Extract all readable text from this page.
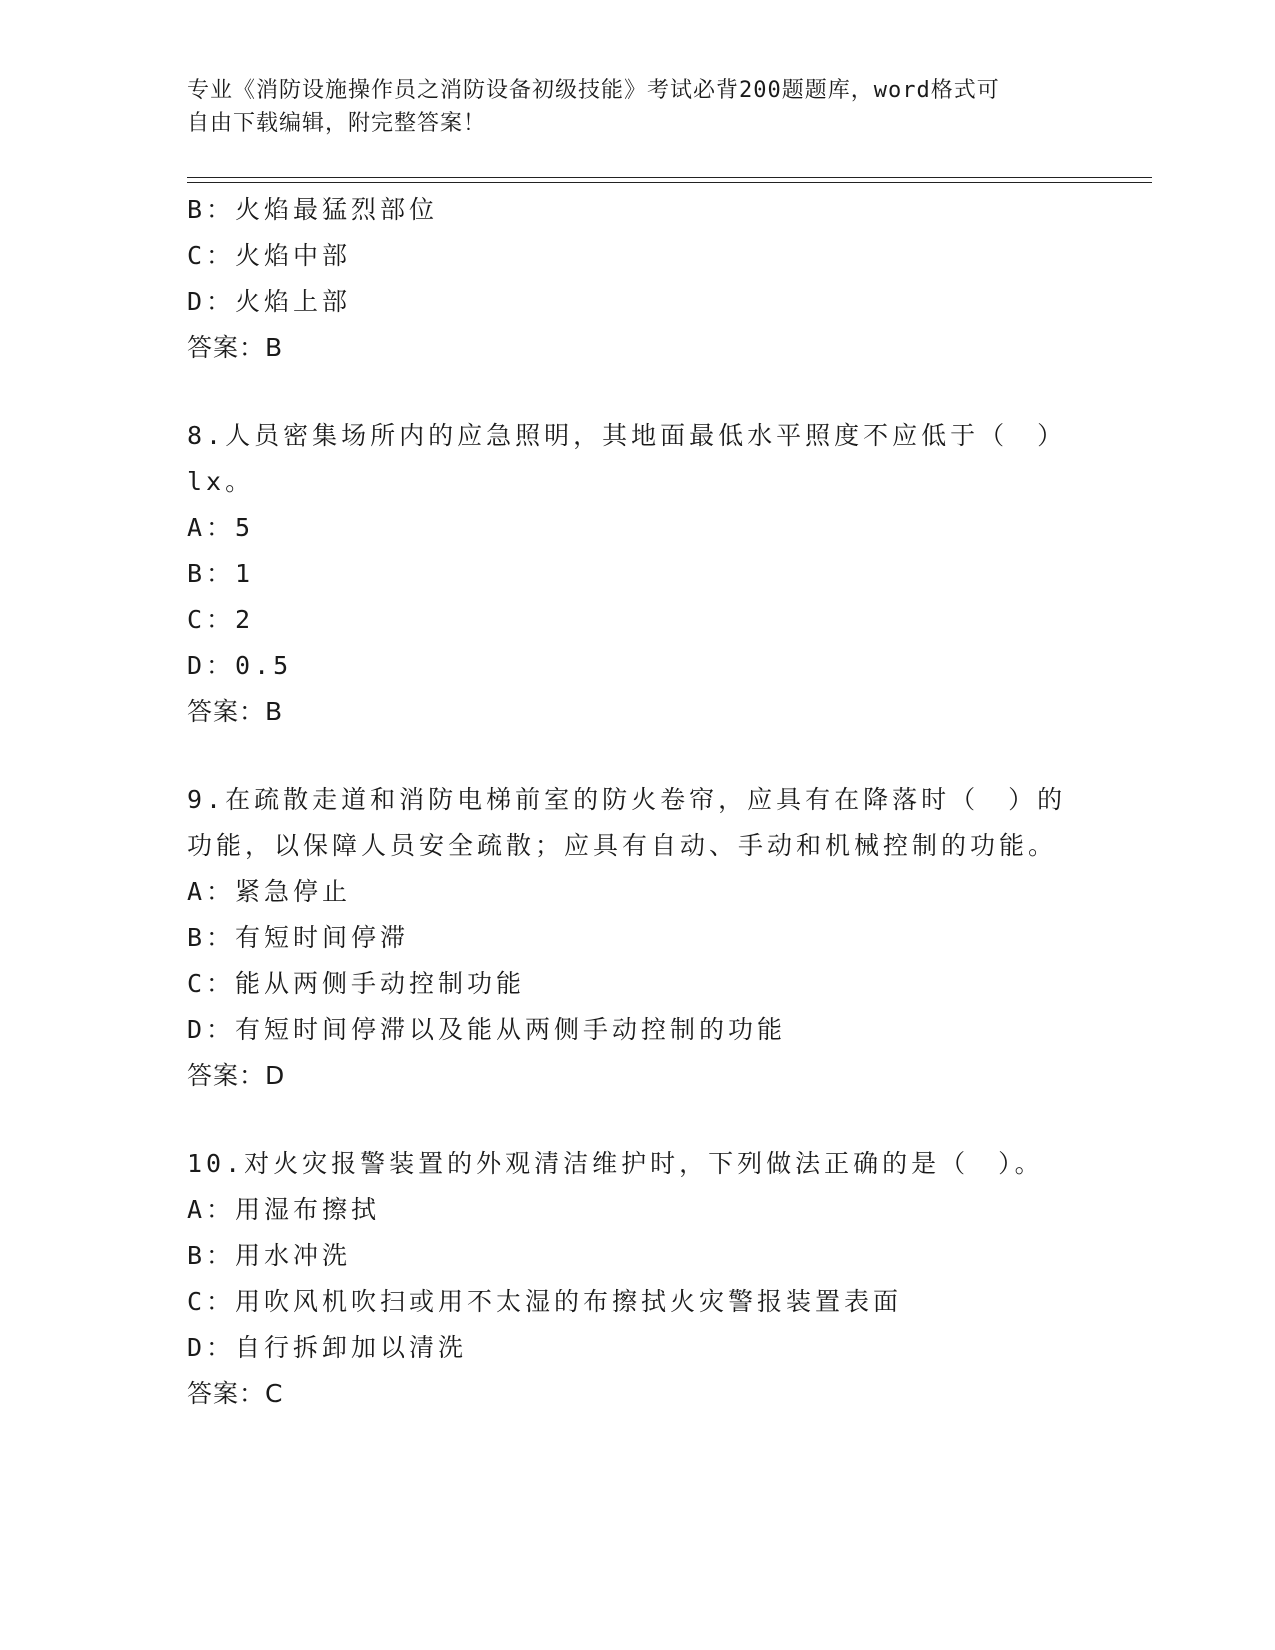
专业《消防设施操作员之消防设备初级技能》考试必背200题题库，word格式可
自由下载编辑，附完整答案！
B：火焰最猛烈部位
C：火焰中部
D：火焰上部
答案：B
8.人员密集场所内的应急照明，其地面最低水平照度不应低于（　）
lx。
A：5
B：1
C：2
D：0.5
答案：B
9.在疏散走道和消防电梯前室的防火卷帘，应具有在降落时（　）的
功能，以保障人员安全疏散；应具有自动、手动和机械控制的功能。
A：紧急停止
B：有短时间停滞
C：能从两侧手动控制功能
D：有短时间停滞以及能从两侧手动控制的功能
答案：D
10.对火灾报警装置的外观清洁维护时，下列做法正确的是（　）。
A：用湿布擦拭
B：用水冲洗
C：用吹风机吹扫或用不太湿的布擦拭火灾警报装置表面
D：自行拆卸加以清洗
答案：C
